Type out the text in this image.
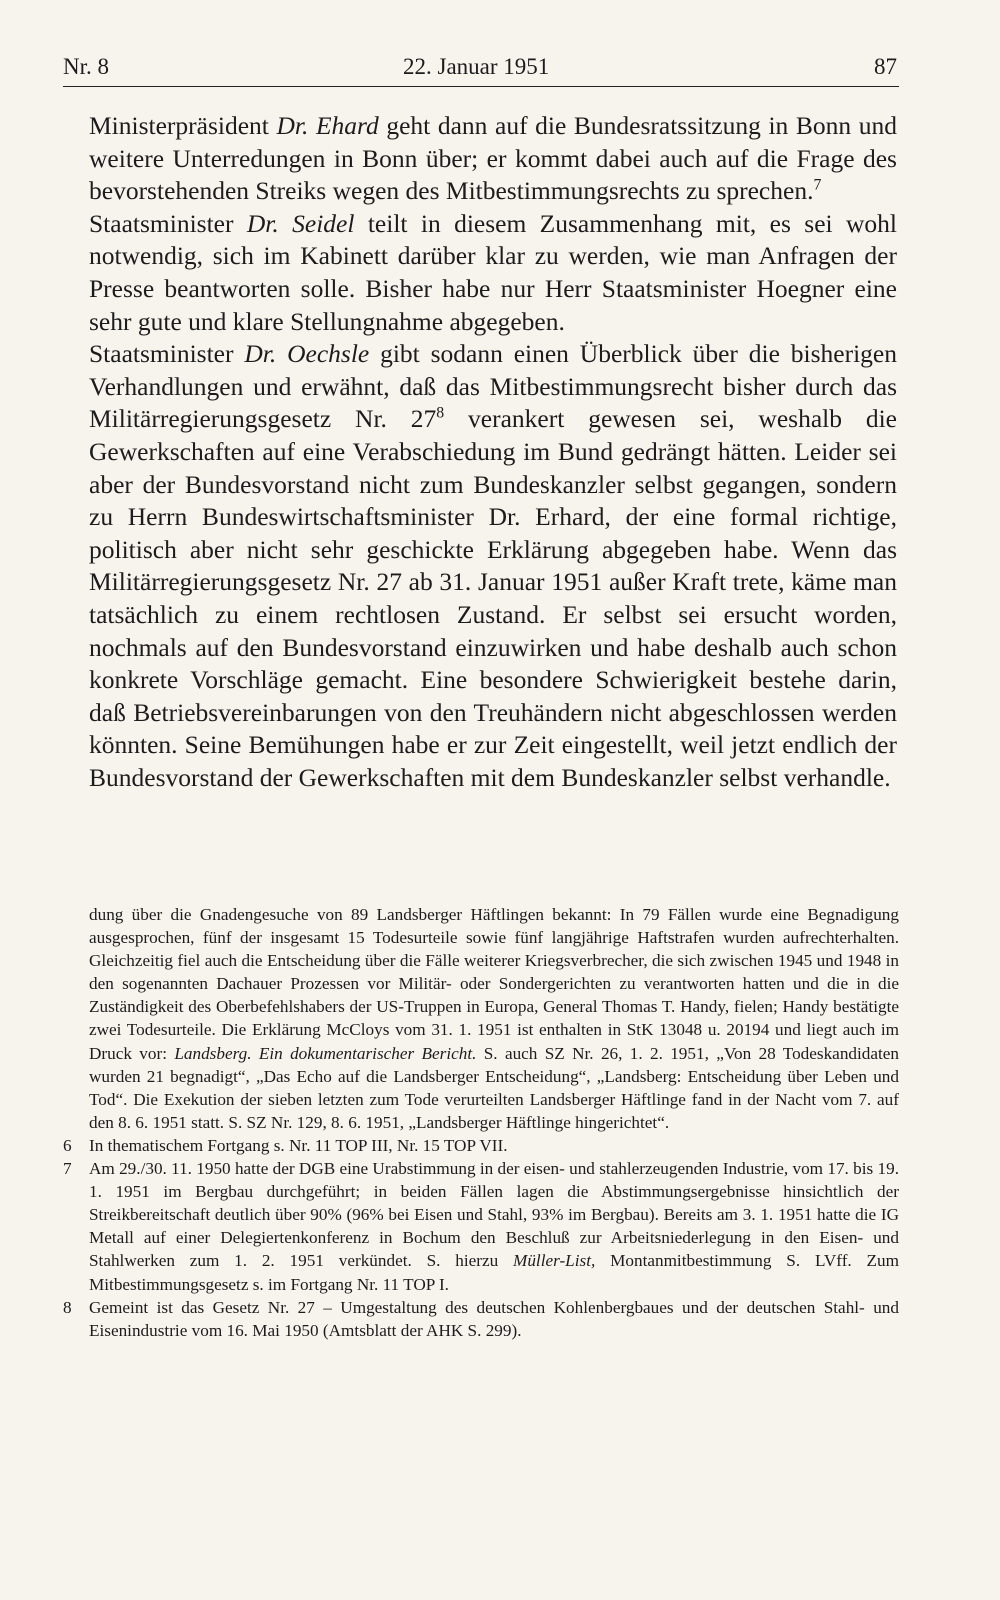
Nr. 8	22. Januar 1951	87

Ministerpräsident Dr. Ehard geht dann auf die Bundesratssitzung in Bonn und weitere Unterredungen in Bonn über; er kommt dabei auch auf die Frage des bevorstehenden Streiks wegen des Mitbestimmungsrechts zu sprechen.$^7$

Staatsminister Dr. Seidel teilt in diesem Zusammenhang mit, es sei wohl notwendig, sich im Kabinett darüber klar zu werden, wie man Anfragen der Presse beantworten solle. Bisher habe nur Herr Staatsminister Hoegner eine sehr gute und klare Stellungnahme abgegeben.

Staatsminister Dr. Oechsle gibt sodann einen Überblick über die bisherigen Verhandlungen und erwähnt, daß das Mitbestimmungsrecht bisher durch das Militärregierungsgesetz Nr. $27^8$ verankert gewesen sei, weshalb die Gewerkschaften auf eine Verabschiedung im Bund gedrängt hätten. Leider sei aber der Bundesvorstand nicht zum Bundeskanzler selbst gegangen, sondern zu Herrn Bundeswirtschaftsminister Dr. Erhard, der eine formal richtige, politisch aber nicht sehr geschickte Erklärung abgegeben habe. Wenn das Militärregierungsgesetz Nr. 27 ab 31. Januar 1951 außer Kraft trete, käme man tatsächlich zu einem rechtlosen Zustand. Er selbst sei ersucht worden, nochmals auf den Bundesvorstand einzuwirken und habe deshalb auch schon konkrete Vorschläge gemacht. Eine besondere Schwierigkeit bestehe darin, daß Betriebsvereinbarungen von den Treuhändern nicht abgeschlossen werden könnten. Seine Bemühungen habe er zur Zeit eingestellt, weil jetzt endlich der Bundesvorstand der Gewerkschaften mit dem Bundeskanzler selbst verhandle.

dung über die Gnadengesuche von 89 Landsberger Häftlingen bekannt: In 79 Fällen wurde eine Begnadigung ausgesprochen, fünf der insgesamt 15 Todesurteile sowie fünf langjährige Haftstrafen wurden aufrechterhalten. Gleichzeitig fiel auch die Entscheidung über die Fälle weiterer Kriegsverbrecher, die sich zwischen 1945 und 1948 in den sogenannten Dachauer Prozessen vor Militär- oder Sondergerichten zu verantworten hatten und die in die Zuständigkeit des Oberbefehlshabers der US-Truppen in Europa, General Thomas T. Handy, fielen; Handy bestätigte zwei Todesurteile. Die Erklärung McCloys vom 31. 1. 1951 ist enthalten in StK 13048 u. 20194 und liegt auch im Druck vor: Landsberg. Ein dokumentarischer Bericht. S. auch SZ Nr. 26, 1. 2. 1951, „Von 28 Todeskandidaten wurden 21 begnadigt“, „Das Echo auf die Landsberger Entscheidung“, „Landsberg: Entscheidung über Leben und Tod“. Die Exekution der sieben letzten zum Tode verurteilten Landsberger Häftlinge fand in der Nacht vom 7. auf den 8. 6. 1951 statt. S. SZ Nr. 129, 8. 6. 1951, „Landsberger Häftlinge hingerichtet“.
6	In thematischem Fortgang s. Nr. 11 TOP III, Nr. 15 TOP VII.
7	Am 29./30. 11. 1950 hatte der DGB eine Urabstimmung in der eisen- und stahlerzeugenden Industrie, vom 17. bis 19. 1. 1951 im Bergbau durchgeführt; in beiden Fällen lagen die Abstimmungsergebnisse hinsichtlich der Streikbereitschaft deutlich über 90% (96% bei Eisen und Stahl, 93% im Bergbau). Bereits am 3. 1. 1951 hatte die IG Metall auf einer Delegiertenkonferenz in Bochum den Beschluß zur Arbeitsniederlegung in den Eisen- und Stahlwerken zum 1. 2. 1951 verkündet. S. hierzu Müller-List, Montanmitbestimmung S. LVff. Zum Mitbestimmungsgesetz s. im Fortgang Nr. 11 TOP I.
8	Gemeint ist das Gesetz Nr. 27 – Umgestaltung des deutschen Kohlenbergbaues und der deutschen Stahl- und Eisenindustrie vom 16. Mai 1950 (Amtsblatt der AHK S. 299).
